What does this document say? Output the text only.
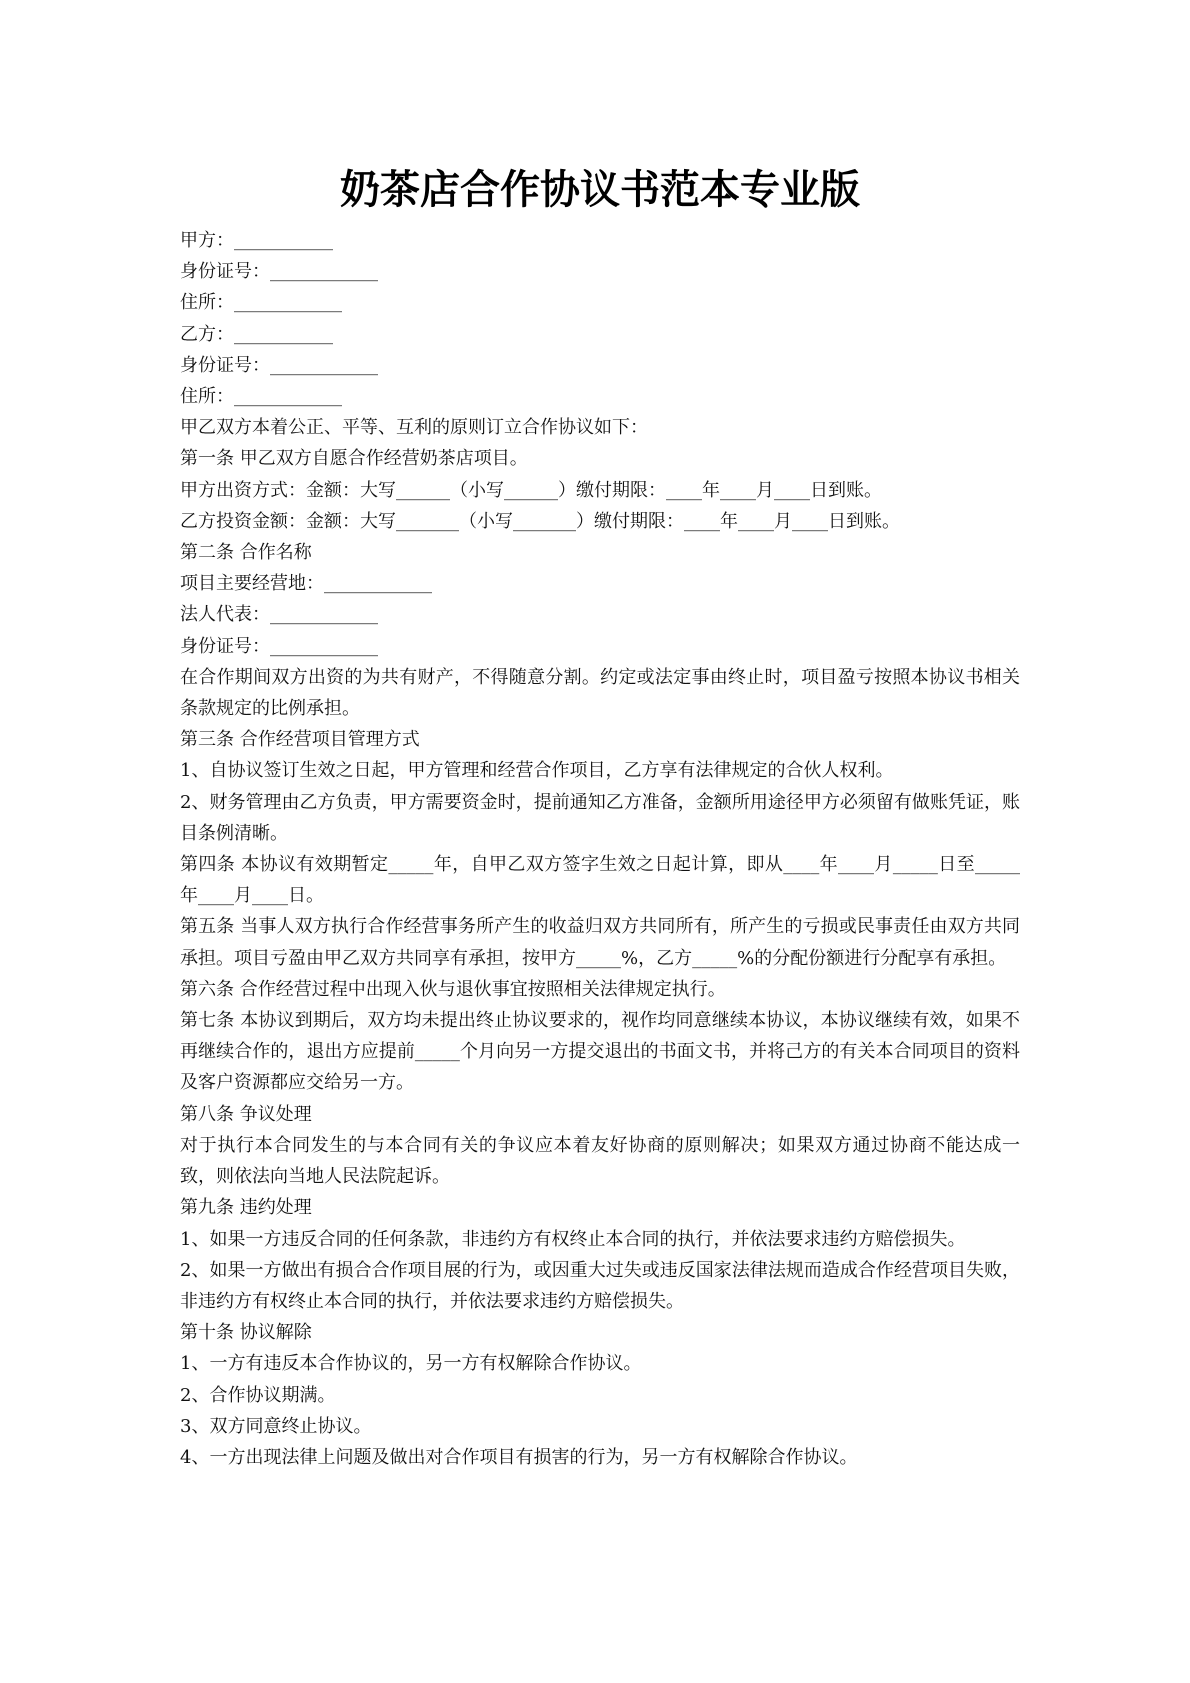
奶茶店合作协议书范本专业版

甲方：___________

身份证号：____________

住所：____________

乙方：___________

身份证号：____________

住所：____________

甲乙双方本着公正、平等、互利的原则订立合作协议如下：

第一条 甲乙双方自愿合作经营奶茶店项目。

甲方出资方式：金额：大写______（小写______）缴付期限：____年____月____日到账。

乙方投资金额：金额：大写_______（小写_______）缴付期限：____年____月____日到账。

第二条 合作名称

项目主要经营地：____________

法人代表：____________

身份证号：____________

在合作期间双方出资的为共有财产，不得随意分割。约定或法定事由终止时，项目盈亏按照本协议书相关条款规定的比例承担。

第三条 合作经营项目管理方式

1、自协议签订生效之日起，甲方管理和经营合作项目，乙方享有法律规定的合伙人权利。

2、财务管理由乙方负责，甲方需要资金时，提前通知乙方准备，金额所用途径甲方必须留有做账凭证，账目条例清晰。

第四条 本协议有效期暂定_____年，自甲乙双方签字生效之日起计算，即从____年____月_____日至_____年____月____日。

第五条 当事人双方执行合作经营事务所产生的收益归双方共同所有，所产生的亏损或民事责任由双方共同承担。项目亏盈由甲乙双方共同享有承担，按甲方_____%，乙方_____%的分配份额进行分配享有承担。

第六条 合作经营过程中出现入伙与退伙事宜按照相关法律规定执行。

第七条 本协议到期后，双方均未提出终止协议要求的，视作均同意继续本协议，本协议继续有效，如果不再继续合作的，退出方应提前_____个月向另一方提交退出的书面文书，并将己方的有关本合同项目的资料及客户资源都应交给另一方。

第八条 争议处理

对于执行本合同发生的与本合同有关的争议应本着友好协商的原则解决；如果双方通过协商不能达成一致，则依法向当地人民法院起诉。

第九条 违约处理

1、如果一方违反合同的任何条款，非违约方有权终止本合同的执行，并依法要求违约方赔偿损失。

2、如果一方做出有损合合作项目展的行为，或因重大过失或违反国家法律法规而造成合作经营项目失败，非违约方有权终止本合同的执行，并依法要求违约方赔偿损失。

第十条 协议解除

1、一方有违反本合作协议的，另一方有权解除合作协议。

2、合作协议期满。

3、双方同意终止协议。

4、一方出现法律上问题及做出对合作项目有损害的行为，另一方有权解除合作协议。
